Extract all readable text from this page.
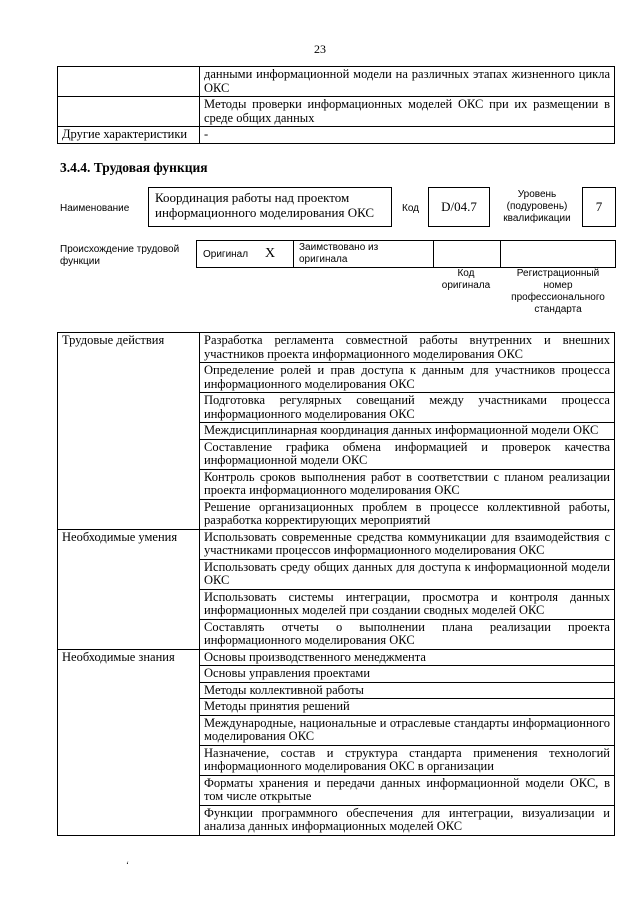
23
	данными информационной модели на различных этапах жизненного цикла ОКС
	Методы проверки информационных моделей ОКС при их размещении в среде общих данных
Другие характеристики	-
3.4.4. Трудовая функция
Наименование
Координация работы над проектом информационного моделирования ОКС	Код	D/04.7
Уровень (подуровень) квалификации
7
Происхождение трудовой функции
Оригинал X Заимствовано из оригинала
Код оригинала
Регистрационный номер профессионального стандарта
Трудовые действия	Разработка регламента совместной работы внутренних и внешних участников проекта информационного моделирования ОКС
	Определение ролей и прав доступа к данным для участников процесса информационного моделирования ОКС
	Подготовка регулярных совещаний между участниками процесса информационного моделирования ОКС
	Междисциплинарная координация данных информационной модели ОКС
	Составление графика обмена информацией и проверок качества информационной модели ОКС
	Контроль сроков выполнения работ в соответствии с планом реализации проекта информационного моделирования ОКС
	Решение организационных проблем в процессе коллективной работы, разработка корректирующих мероприятий
Необходимые умения	Использовать современные средства коммуникации для взаимодействия с участниками процессов информационного моделирования ОКС
	Использовать среду общих данных для доступа к информационной модели ОКС
	Использовать системы интеграции, просмотра и контроля данных информационных моделей при создании сводных моделей ОКС
	Составлять отчеты о выполнении плана реализации проекта информационного моделирования ОКС
Необходимые знания	Основы производственного менеджмента
	Основы управления проектами
	Методы коллективной работы
	Методы принятия решений
	Международные, национальные и отраслевые стандарты информационного моделирования ОКС
	Назначение, состав и структура стандарта применения технологий информационного моделирования ОКС в организации
	Форматы хранения и передачи данных информационной модели ОКС, в том числе открытые
	Функции программного обеспечения для интеграции, визуализации и анализа данных информационных моделей ОКС
‘
